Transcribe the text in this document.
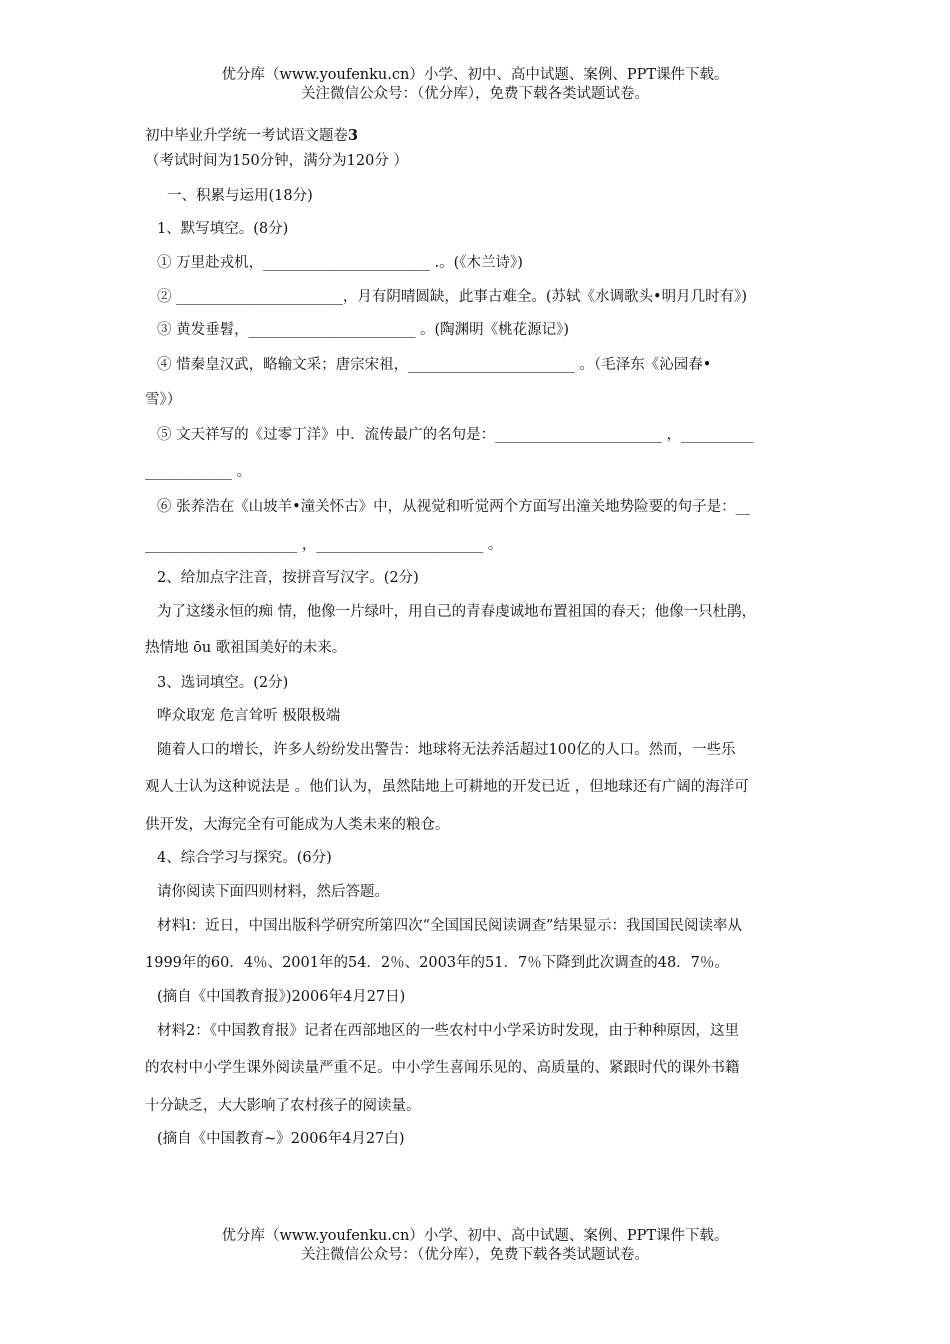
优分库（www.youfenku.cn）小学、初中、高中试题、案例、PPT课件下载。
关注微信公众号：（优分库），免费下载各类试题试卷。
初中毕业升学统一考试语文题卷3
（考试时间为150分钟，满分为120分 ）
一、积累与运用(18分)
1、默写填空。(8分)
① 万里赴戎机，_______________________ .。(《木兰诗》)
② _______________________，月有阴晴圆缺，此事古难全。(苏轼《水调歌头•明月几时有》)
③ 黄发垂髫，_______________________ 。(陶渊明《桃花源记》)
④ 惜秦皇汉武，略输文采；唐宗宋祖，_______________________ 。（毛泽东《沁园春•
雪》）
⑤ 文天祥写的《过零丁洋》中．流传最广的名句是：_______________________ ，__________
____________ 。
⑥ 张养浩在《山坡羊•潼关怀古》中，从视觉和听觉两个方面写出潼关地势险要的句子是：__
_____________________ ，_______________________ 。
2、给加点字注音，按拼音写汉字。(2分)
为了这缕永恒的痴 情，他像一片绿叶，用自己的青春虔诚地布置祖国的春天；他像一只杜鹃，
热情地 ōu 歌祖国美好的未来。
3、选词填空。(2分)
哗众取宠 危言耸听 极限极端
随着人口的增长，许多人纷纷发出警告：地球将无法养活超过100亿的人口。然而，一些乐
观人士认为这种说法是 。他们认为，虽然陆地上可耕地的开发已近 ，但地球还有广阔的海洋可
供开发，大海完全有可能成为人类未来的粮仓。
4、综合学习与探究。(6分)
请你阅读下面四则材料，然后答题。
材料l：近日，中国出版科学研究所第四次“全国国民阅读调查”结果显示：我国国民阅读率从
1999年的60．4％、2001年的54．2％、2003年的51．7％下降到此次调查的48．7％。
(摘自《中国教育报》)2006年4月27日)
材料2：《中国教育报》记者在西部地区的一些农村中小学采访时发现，由于种种原因，这里
的农村中小学生课外阅读量严重不足。中小学生喜闻乐见的、高质量的、紧跟时代的课外书籍
十分缺乏，大大影响了农村孩子的阅读量。
(摘自《中国教育~》2006年4月27白)
优分库（www.youfenku.cn）小学、初中、高中试题、案例、PPT课件下载。
关注微信公众号：（优分库），免费下载各类试题试卷。
